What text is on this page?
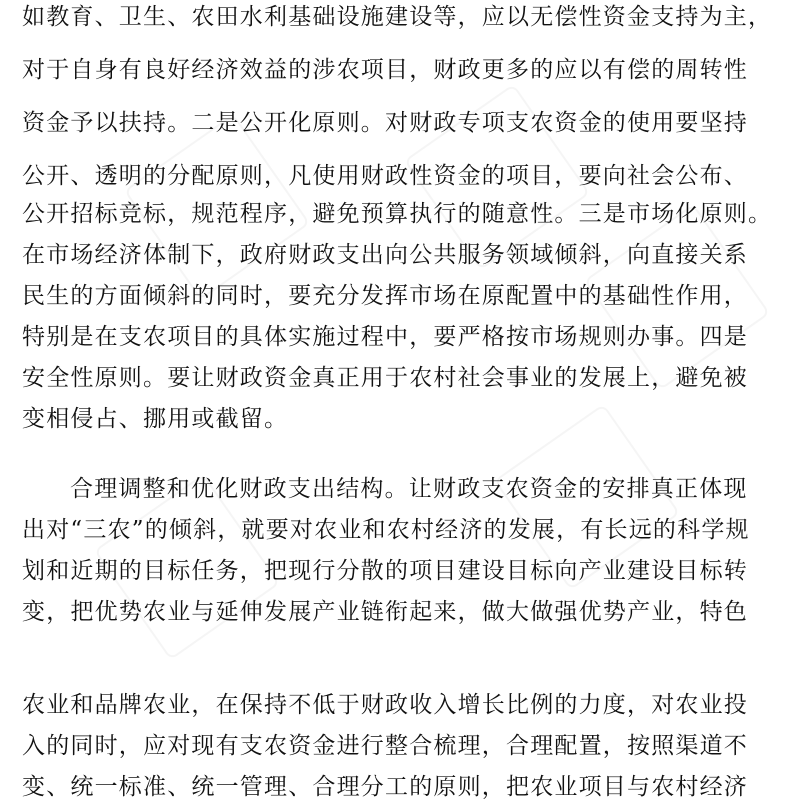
如教育、卫生、农田水利基础设施建设等，应以无偿性资金支持为主，
对于自身有良好经济效益的涉农项目，财政更多的应以有偿的周转性
资金予以扶持。二是公开化原则。对财政专项支农资金的使用要坚持
公开、透明的分配原则，凡使用财政性资金的项目，要向社会公布、
公开招标竞标，规范程序，避免预算执行的随意性。三是市场化原则。
在市场经济体制下，政府财政支出向公共服务领域倾斜，向直接关系
民生的方面倾斜的同时，要充分发挥市场在原配置中的基础性作用，
特别是在支农项目的具体实施过程中，要严格按市场规则办事。四是
安全性原则。要让财政资金真正用于农村社会事业的发展上，避免被
变相侵占、挪用或截留。
合理调整和优化财政支出结构。让财政支农资金的安排真正体现
出对“三农”的倾斜，就要对农业和农村经济的发展，有长远的科学规
划和近期的目标任务，把现行分散的项目建设目标向产业建设目标转
变，把优势农业与延伸发展产业链衔起来，做大做强优势产业，特色
农业和品牌农业，在保持不低于财政收入增长比例的力度，对农业投
入的同时，应对现有支农资金进行整合梳理，合理配置，按照渠道不
变、统一标准、统一管理、合理分工的原则，把农业项目与农村经济
